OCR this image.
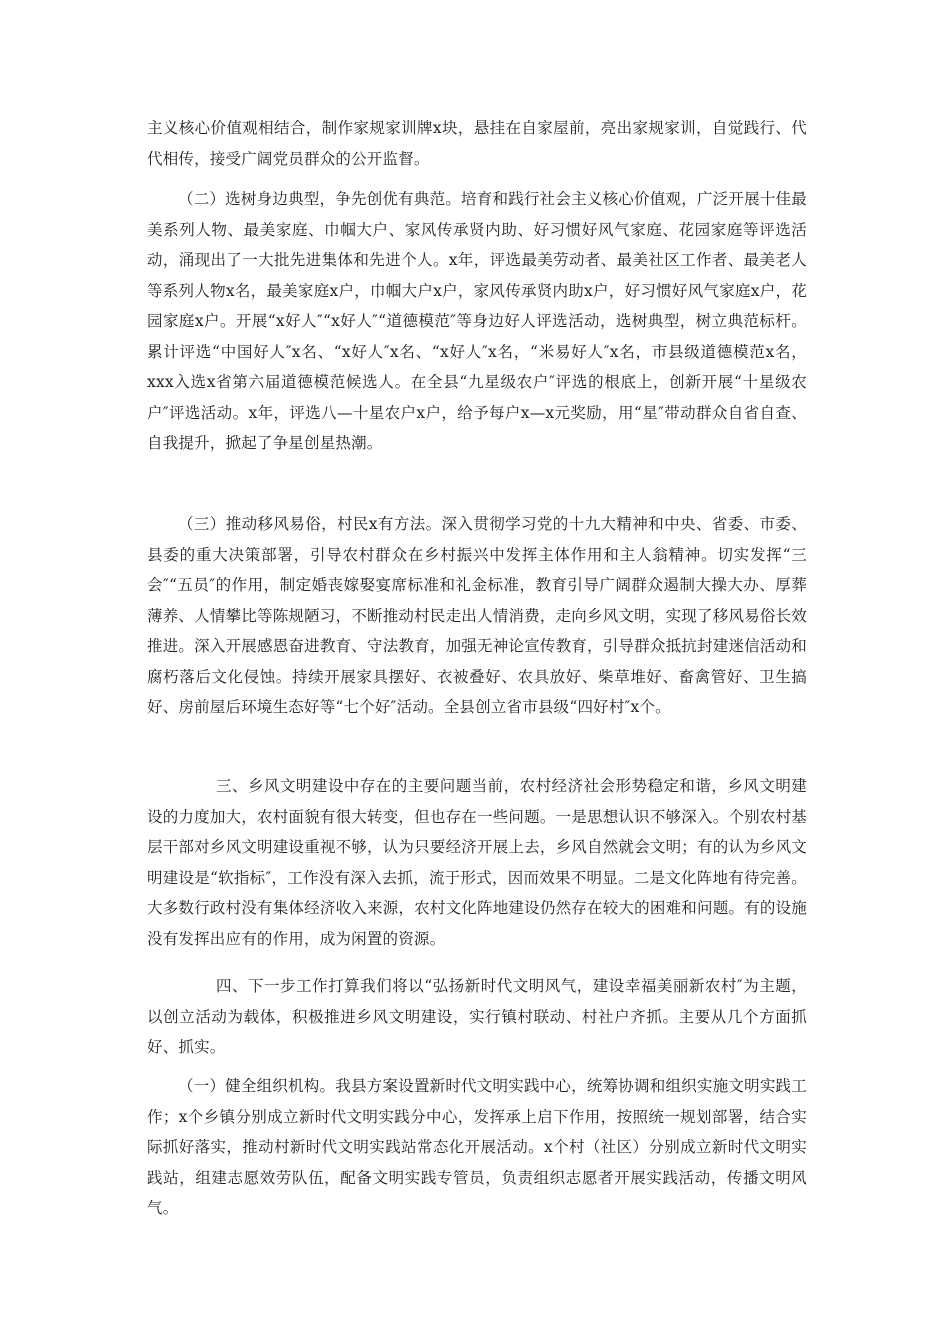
主义核心价值观相结合，制作家规家训牌x块，悬挂在自家屋前，亮出家规家训，自觉践行、代代相传，接受广阔党员群众的公开监督。

（二）选树身边典型，争先创优有典范。培育和践行社会主义核心价值观，广泛开展十佳最美系列人物、最美家庭、巾帼大户、家风传承贤内助、好习惯好风气家庭、花园家庭等评选活动，涌现出了一大批先进集体和先进个人。x年，评选最美劳动者、最美社区工作者、最美老人等系列人物x名，最美家庭x户，巾帼大户x户，家风传承贤内助x户，好习惯好风气家庭x户，花园家庭x户。开展“x好人″“x好人″“道德模范″等身边好人评选活动，选树典型，树立典范标杆。累计评选“中国好人″x名、“x好人″x名、“x好人″x名，“米易好人″x名，市县级道德模范x名，xxx入选x省第六届道德模范候选人。在全县“九星级农户″评选的根底上，创新开展“十星级农户″评选活动。x年，评选八—十星农户x户，给予每户x—x元奖励，用“星″带动群众自省自查、自我提升，掀起了争星创星热潮。

（三）推动移风易俗，村民x有方法。深入贯彻学习党的十九大精神和中央、省委、市委、县委的重大决策部署，引导农村群众在乡村振兴中发挥主体作用和主人翁精神。切实发挥“三会″“五员″的作用，制定婚丧嫁娶宴席标准和礼金标准，教育引导广阔群众遏制大操大办、厚葬薄养、人情攀比等陈规陋习，不断推动村民走出人情消费，走向乡风文明，实现了移风易俗长效推进。深入开展感恩奋进教育、守法教育，加强无神论宣传教育，引导群众抵抗封建迷信活动和腐朽落后文化侵蚀。持续开展家具摆好、衣被叠好、农具放好、柴草堆好、畜禽管好、卫生搞好、房前屋后环境生态好等“七个好″活动。全县创立省市县级“四好村″x个。

三、乡风文明建设中存在的主要问题当前，农村经济社会形势稳定和谐，乡风文明建设的力度加大，农村面貌有很大转变，但也存在一些问题。一是思想认识不够深入。个别农村基层干部对乡风文明建设重视不够，认为只要经济开展上去，乡风自然就会文明；有的认为乡风文明建设是“软指标″，工作没有深入去抓，流于形式，因而效果不明显。二是文化阵地有待完善。大多数行政村没有集体经济收入来源，农村文化阵地建设仍然存在较大的困难和问题。有的设施没有发挥出应有的作用，成为闲置的资源。

四、下一步工作打算我们将以“弘扬新时代文明风气，建设幸福美丽新农村″为主题，以创立活动为载体，积极推进乡风文明建设，实行镇村联动、村社户齐抓。主要从几个方面抓好、抓实。

（一）健全组织机构。我县方案设置新时代文明实践中心，统筹协调和组织实施文明实践工作；x个乡镇分别成立新时代文明实践分中心，发挥承上启下作用，按照统一规划部署，结合实际抓好落实，推动村新时代文明实践站常态化开展活动。x个村（社区）分别成立新时代文明实践站，组建志愿效劳队伍，配备文明实践专管员，负责组织志愿者开展实践活动，传播文明风气。
